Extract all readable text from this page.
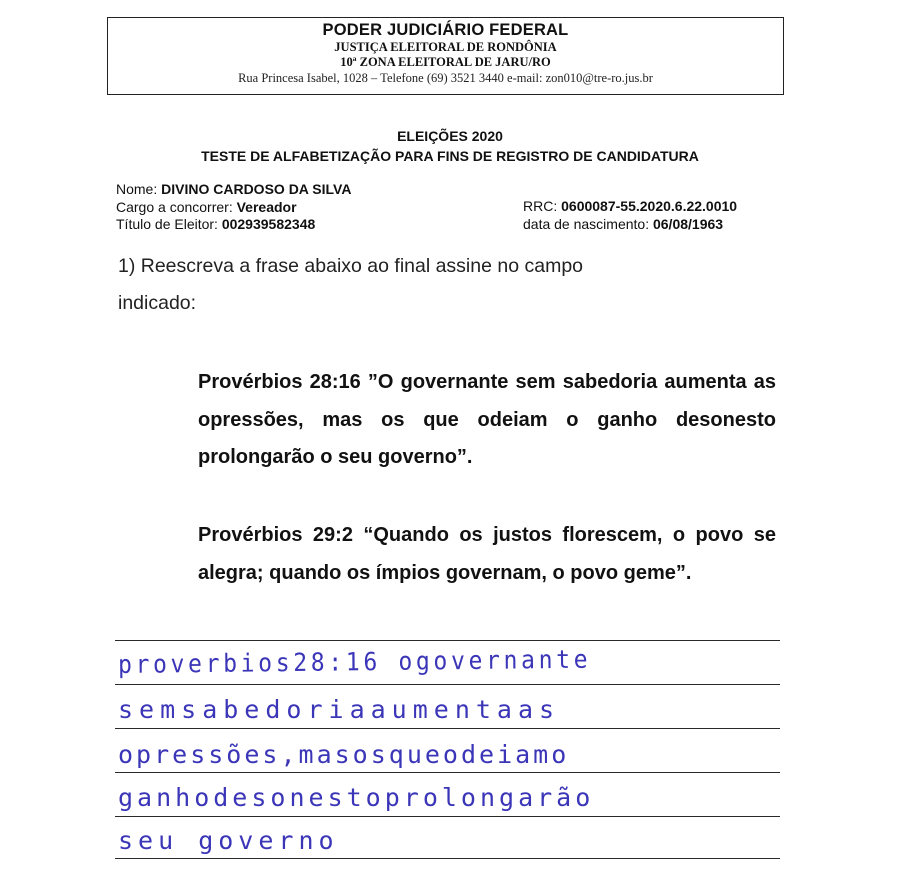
PODER JUDICIÁRIO FEDERAL
JUSTIÇA ELEITORAL DE RONDÔNIA
10ª ZONA ELEITORAL DE JARU/RO
Rua Princesa Isabel, 1028 – Telefone (69) 3521 3440 e-mail: zon010@tre-ro.jus.br
ELEIÇÕES 2020
TESTE DE ALFABETIZAÇÃO PARA FINS DE REGISTRO DE CANDIDATURA
Nome: DIVINO CARDOSO DA SILVA
Cargo a concorrer: Vereador
Título de Eleitor: 002939582348
RRC: 0600087-55.2020.6.22.0010
data de nascimento: 06/08/1963
1) Reescreva a frase abaixo ao final assine no campo
indicado:
Provérbios 28:16 ”O governante sem sabedoria aumenta as opressões, mas os que odeiam o ganho desonesto prolongarão o seu governo”.
Provérbios 29:2 “Quando os justos florescem, o povo se alegra; quando os ímpios governam, o povo geme”.
proverbios28:16 ogovernante
semsabedoriaaumentaas
opressões,masosqueodeiamo
ganhodesonestoprolongarão
seu governo
